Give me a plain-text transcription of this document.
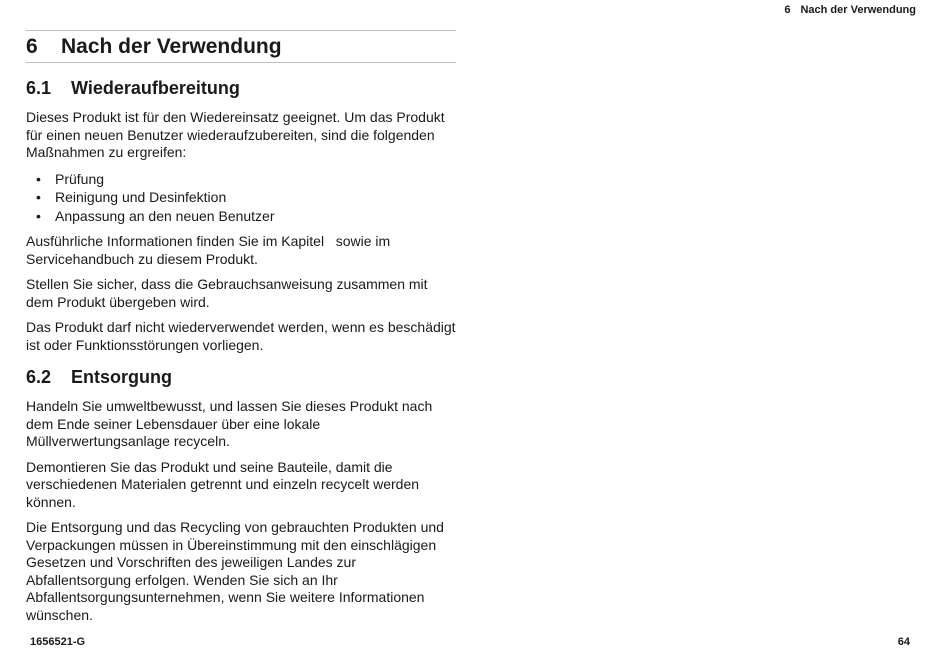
6 Nach der Verwendung
6 Nach der Verwendung
6.1 Wiederaufbereitung

Dieses Produkt ist für den Wiedereinsatz geeignet. Um das Produkt für einen neuen Benutzer wiederaufzubereiten, sind die folgenden Maßnahmen zu ergreifen:

• Prüfung
• Reinigung und Desinfektion
• Anpassung an den neuen Benutzer

Ausführliche Informationen finden Sie im Kapitel   sowie im Servicehandbuch zu diesem Produkt.

Stellen Sie sicher, dass die Gebrauchsanweisung zusammen mit dem Produkt übergeben wird.

Das Produkt darf nicht wiederverwendet werden, wenn es beschädigt ist oder Funktionsstörungen vorliegen.

6.2 Entsorgung

Handeln Sie umweltbewusst, und lassen Sie dieses Produkt nach dem Ende seiner Lebensdauer über eine lokale Müllverwertungsanlage recyceln.

Demontieren Sie das Produkt und seine Bauteile, damit die verschiedenen Materialen getrennt und einzeln recycelt werden können.

Die Entsorgung und das Recycling von gebrauchten Produkten und Verpackungen müssen in Übereinstimmung mit den einschlägigen Gesetzen und Vorschriften des jeweiligen Landes zur Abfallentsorgung erfolgen. Wenden Sie sich an Ihr Abfallentsorgungsunternehmen, wenn Sie weitere Informationen wünschen.

1656521-G	64
